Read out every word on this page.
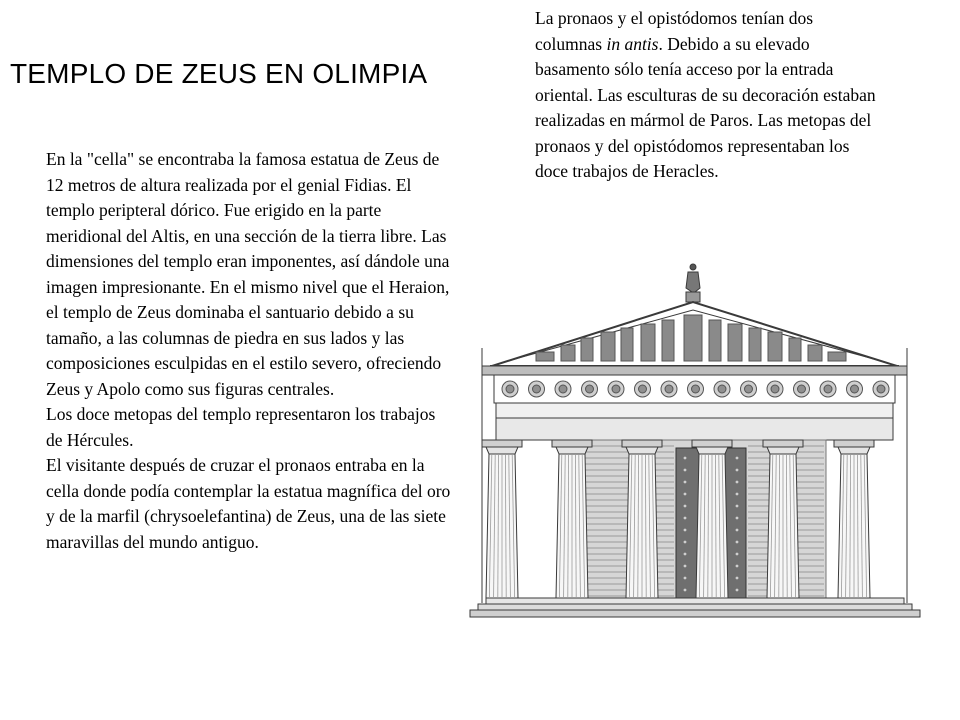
TEMPLO DE ZEUS EN OLIMPIA

La pronaos y el opistódomos tenían dos columnas in antis. Debido a su elevado basamento sólo tenía acceso por la entrada oriental. Las esculturas de su decoración estaban realizadas en mármol de Paros. Las metopas del pronaos y del opistódomos representaban los doce trabajos de Heracles.

En la "cella" se encontraba la famosa estatua de Zeus de 12 metros de altura realizada por el genial Fidias. El templo peripteral dórico. Fue erigido en la parte meridional del Altis, en una sección de la tierra libre. Las dimensiones del templo eran imponentes, así dándole una imagen impresionante. En el mismo nivel que el Heraion, el templo de Zeus dominaba el santuario debido a su tamaño, a las columnas de piedra en sus lados y las composiciones esculpidas en el estilo severo, ofreciendo Zeus y Apolo como sus figuras centrales.

Los doce metopas del templo representaron los trabajos de Hércules.

El visitante después de cruzar el pronaos entraba en la cella donde podía contemplar la estatua magnífica del oro y de la marfil (chrysoelefantina) de Zeus, una de las siete maravillas del mundo antiguo.
